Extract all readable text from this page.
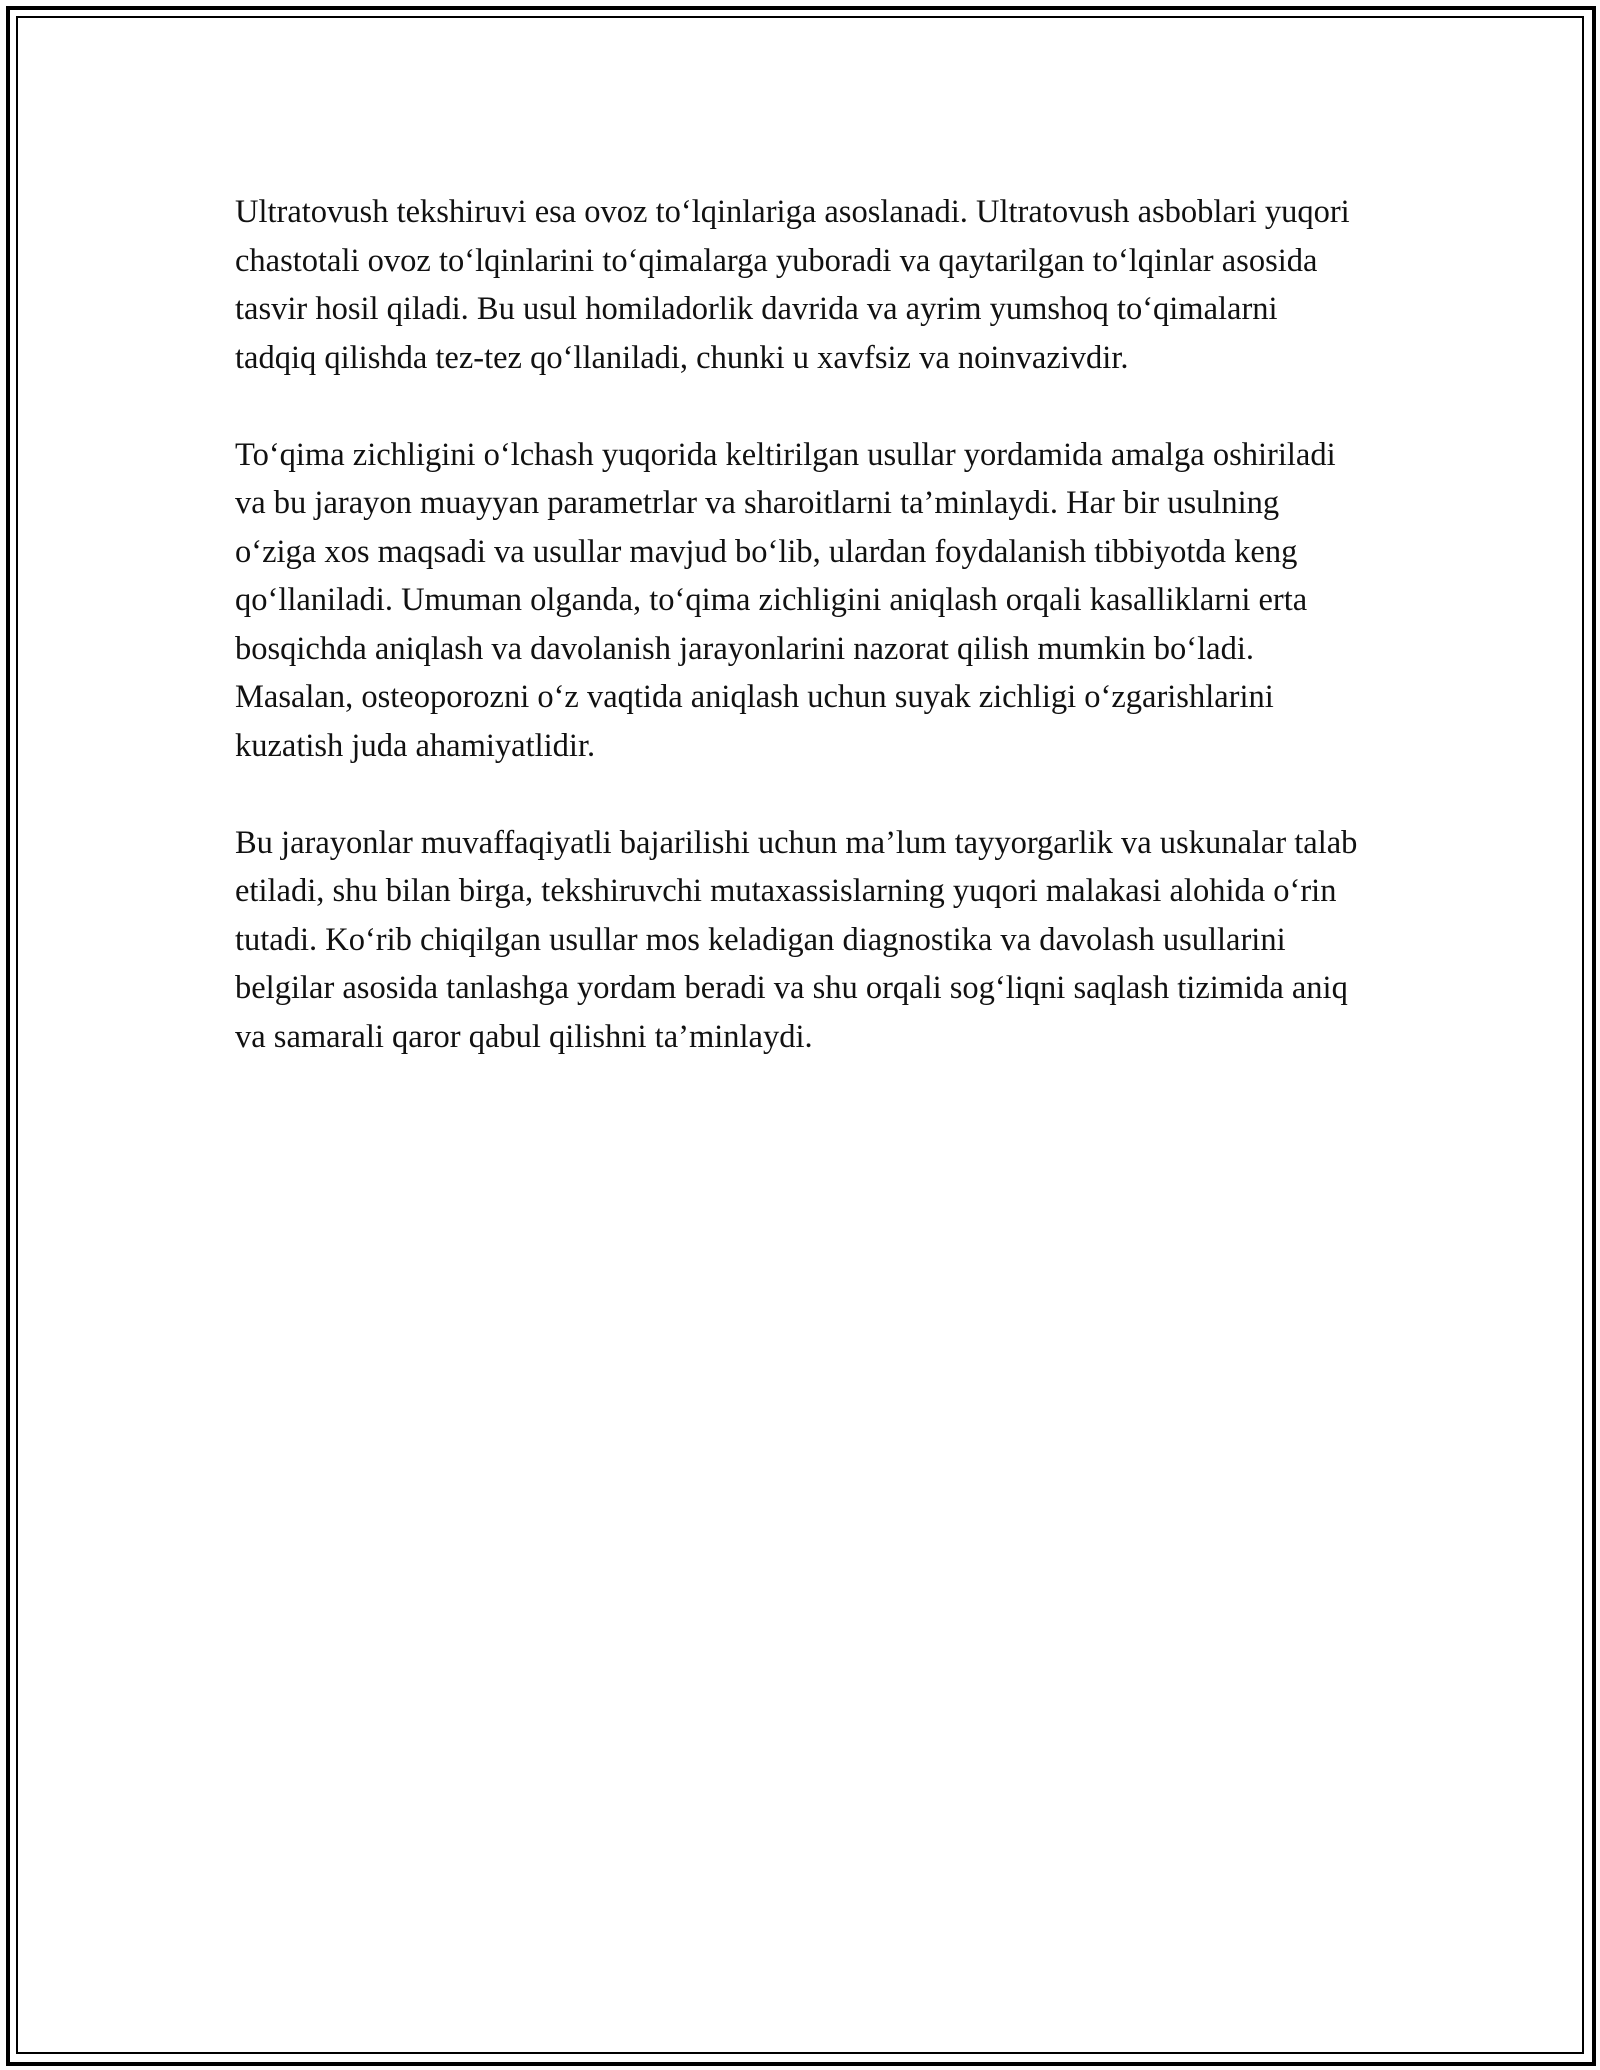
Ultratovush tekshiruvi esa ovoz to‘lqinlariga asoslanadi. Ultratovush asboblari yuqori chastotali ovoz to‘lqinlarini to‘qimalarga yuboradi va qaytarilgan to‘lqinlar asosida tasvir hosil qiladi. Bu usul homiladorlik davrida va ayrim yumshoq to‘qimalarni tadqiq qilishda tez-tez qo‘llaniladi, chunki u xavfsiz va noinvazivdir.

To‘qima zichligini o‘lchash yuqorida keltirilgan usullar yordamida amalga oshiriladi va bu jarayon muayyan parametrlar va sharoitlarni ta’minlaydi. Har bir usulning o‘ziga xos maqsadi va usullar mavjud bo‘lib, ulardan foydalanish tibbiyotda keng qo‘llaniladi. Umuman olganda, to‘qima zichligini aniqlash orqali kasalliklarni erta bosqichda aniqlash va davolanish jarayonlarini nazorat qilish mumkin bo‘ladi. Masalan, osteoporozni o‘z vaqtida aniqlash uchun suyak zichligi o‘zgarishlarini kuzatish juda ahamiyatlidir.

Bu jarayonlar muvaffaqiyatli bajarilishi uchun ma’lum tayyorgarlik va uskunalar talab etiladi, shu bilan birga, tekshiruvchi mutaxassislarning yuqori malakasi alohida o‘rin tutadi. Ko‘rib chiqilgan usullar mos keladigan diagnostika va davolash usullarini belgilar asosida tanlashga yordam beradi va shu orqali sog‘liqni saqlash tizimida aniq va samarali qaror qabul qilishni ta’minlaydi.
